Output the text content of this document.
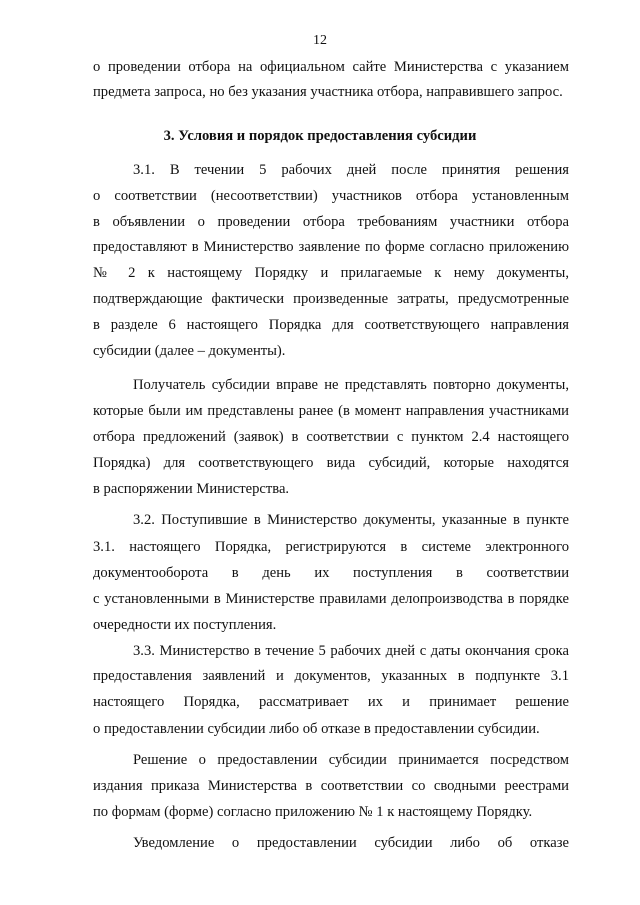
12
о проведении отбора на официальном сайте Министерства с указанием
предмета запроса, но без указания участника отбора, направившего запрос.
3. Условия и порядок предоставления субсидии
3.1. В течении 5 рабочих дней после принятия решения
о соответствии (несоответствии) участников отбора установленным
в объявлении о проведении отбора требованиям участники отбора
предоставляют в Министерство заявление по форме согласно приложению
№ 2 к настоящему Порядку и прилагаемые к нему документы,
подтверждающие фактически произведенные затраты, предусмотренные
в разделе 6 настоящего Порядка для соответствующего направления
субсидии (далее – документы).
Получатель субсидии вправе не представлять повторно документы,
которые были им представлены ранее (в момент направления участниками
отбора предложений (заявок) в соответствии с пунктом 2.4 настоящего
Порядка) для соответствующего вида субсидий, которые находятся
в распоряжении Министерства.
3.2. Поступившие в Министерство документы, указанные в пункте
3.1. настоящего Порядка, регистрируются в системе электронного
документооборота в день их поступления в соответствии
с установленными в Министерстве правилами делопроизводства в порядке
очередности их поступления.
3.3. Министерство в течение 5 рабочих дней с даты окончания срока
предоставления заявлений и документов, указанных в подпункте 3.1
настоящего Порядка, рассматривает их и принимает решение
о предоставлении субсидии либо об отказе в предоставлении субсидии.
Решение о предоставлении субсидии принимается посредством
издания приказа Министерства в соответствии со сводными реестрами
по формам (форме) согласно приложению № 1 к настоящему Порядку.
Уведомление о предоставлении субсидии либо об отказе
